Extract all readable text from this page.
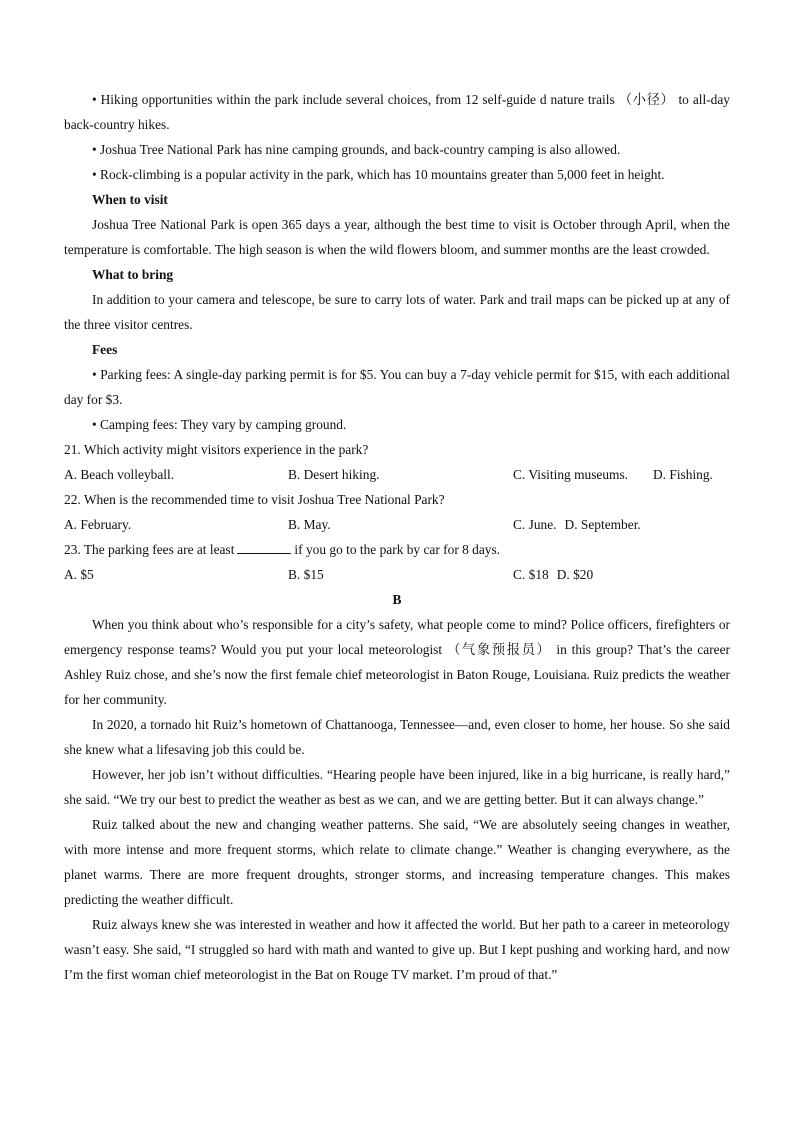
• Hiking opportunities within the park include several choices, from 12 self-guide d nature trails （小径） to all-day back-country hikes.

• Joshua Tree National Park has nine camping grounds, and back-country camping is also allowed.

• Rock-climbing is a popular activity in the park, which has 10 mountains greater than 5,000 feet in height.

When to visit

Joshua Tree National Park is open 365 days a year, although the best time to visit is October through April, when the temperature is comfortable. The high season is when the wild flowers bloom, and summer months are the least crowded.

What to bring

In addition to your camera and telescope, be sure to carry lots of water. Park and trail maps can be picked up at any of the three visitor centres.

Fees

• Parking fees: A single-day parking permit is for $5. You can buy a 7-day vehicle permit for $15, with each additional day for $3.

• Camping fees: They vary by camping ground.

21. Which activity might visitors experience in the park?

A. Beach volleyball.	B. Desert hiking.	C. Visiting museums.	D. Fishing.

22. When is the recommended time to visit Joshua Tree National Park?

A. February.	B. May.	C. June. D. September.

23. The parking fees are at least	if you go to the park by car for 8 days.

A. $5	B. $15	C. $18 D. $20

B

When you think about who’s responsible for a city’s safety, what people come to mind? Police officers, firefighters or emergency response teams? Would you put your local meteorologist （气象预报员） in this group? That’s the career Ashley Ruiz chose, and she’s now the first female chief meteorologist in Baton Rouge, Louisiana. Ruiz predicts the weather for her community.

In 2020, a tornado hit Ruiz’s hometown of Chattanooga, Tennessee—and, even closer to home, her house. So she said she knew what a lifesaving job this could be.

However, her job isn’t without difficulties. “Hearing people have been injured, like in a big hurricane, is really hard,” she said. “We try our best to predict the weather as best as we can, and we are getting better. But it can always change.”

Ruiz talked about the new and changing weather patterns. She said, “We are absolutely seeing changes in weather, with more intense and more frequent storms, which relate to climate change.” Weather is changing everywhere, as the planet warms. There are more frequent droughts, stronger storms, and increasing temperature changes. This makes predicting the weather difficult.

Ruiz always knew she was interested in weather and how it affected the world. But her path to a career in meteorology wasn’t easy. She said, “I struggled so hard with math and wanted to give up. But I kept pushing and working hard, and now I’m the first woman chief meteorologist in the Bat on Rouge TV market. I’m proud of that.”
